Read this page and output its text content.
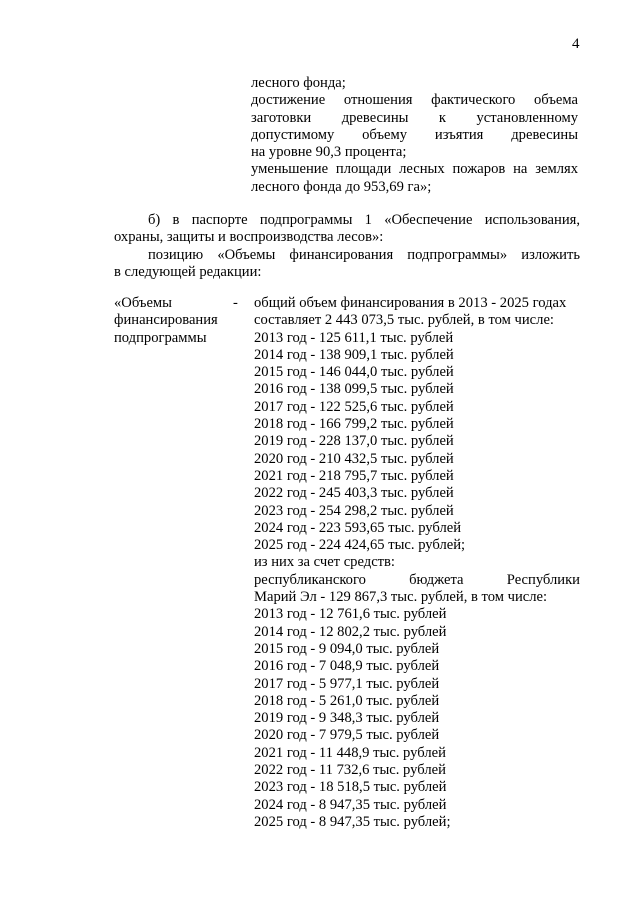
4
лесного фонда;
достижение отношения фактического объема
заготовки древесины к установленному
допустимому объему изъятия древесины
на уровне 90,3 процента;
уменьшение площади лесных пожаров на землях
лесного фонда до 953,69 га»;
б) в паспорте подпрограммы 1 «Обеспечение использования,
охраны, защиты и воспроизводства лесов»:
позицию «Объемы финансирования подпрограммы» изложить
в следующей редакции:
«Объемы
финансирования
подпрограммы
- общий объем финансирования в 2013 - 2025 годах
составляет 2 443 073,5 тыс. рублей, в том числе:
2013 год - 125 611,1 тыс. рублей
2014 год - 138 909,1 тыс. рублей
2015 год - 146 044,0 тыс. рублей
2016 год - 138 099,5 тыс. рублей
2017 год - 122 525,6 тыс. рублей
2018 год - 166 799,2 тыс. рублей
2019 год - 228 137,0 тыс. рублей
2020 год - 210 432,5 тыс. рублей
2021 год - 218 795,7 тыс. рублей
2022 год - 245 403,3 тыс. рублей
2023 год - 254 298,2 тыс. рублей
2024 год - 223 593,65 тыс. рублей
2025 год - 224 424,65 тыс. рублей;
из них за счет средств:
республиканского бюджета Республики
Марий Эл - 129 867,3 тыс. рублей, в том числе:
2013 год - 12 761,6 тыс. рублей
2014 год - 12 802,2 тыс. рублей
2015 год - 9 094,0 тыс. рублей
2016 год - 7 048,9 тыс. рублей
2017 год - 5 977,1 тыс. рублей
2018 год - 5 261,0 тыс. рублей
2019 год - 9 348,3 тыс. рублей
2020 год - 7 979,5 тыс. рублей
2021 год - 11 448,9 тыс. рублей
2022 год - 11 732,6 тыс. рублей
2023 год - 18 518,5 тыс. рублей
2024 год - 8 947,35 тыс. рублей
2025 год - 8 947,35 тыс. рублей;
